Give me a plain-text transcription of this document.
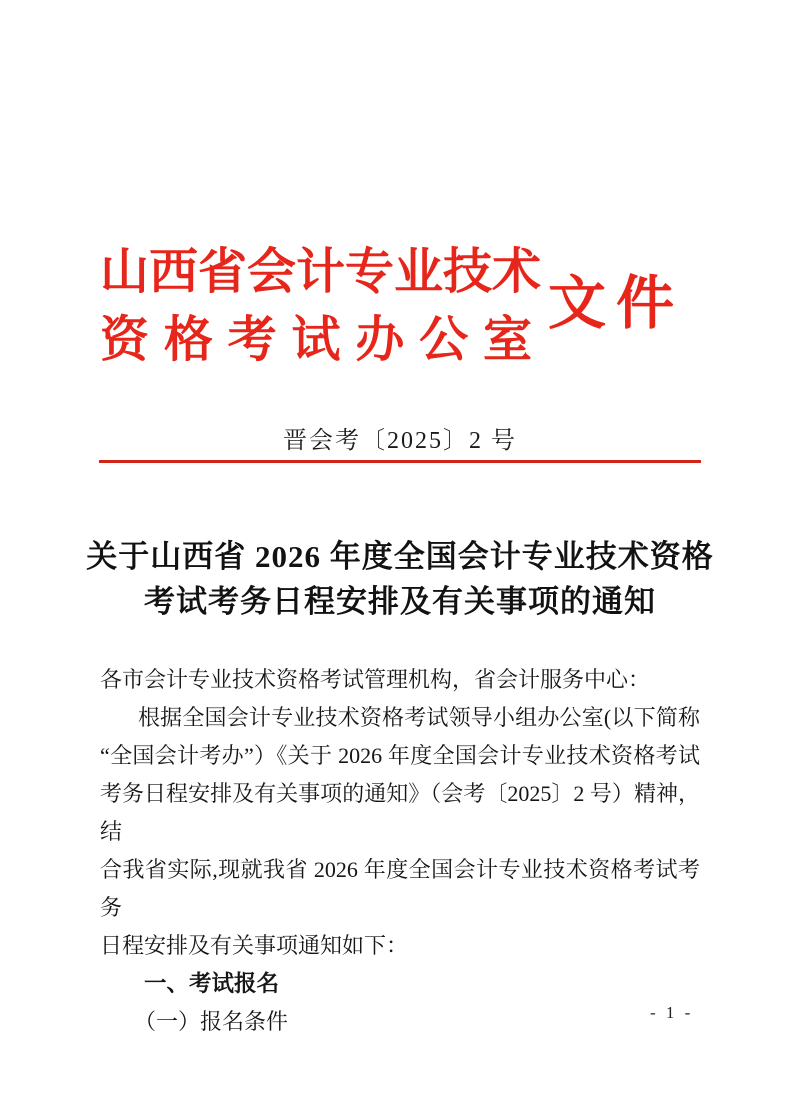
山西省会计专业技术
资格考试办公室
文件
晋会考〔2025〕2 号
关于山西省 2026 年度全国会计专业技术资格
考试考务日程安排及有关事项的通知

各市会计专业技术资格考试管理机构，省会计服务中心：

根据全国会计专业技术资格考试领导小组办公室(以下简称

“全国会计考办”）《关于 2026 年度全国会计专业技术资格考试

考务日程安排及有关事项的通知》（会考〔2025〕2 号）精神，结

合我省实际,现就我省 2026 年度全国会计专业技术资格考试考务

日程安排及有关事项通知如下：

一、考试报名

（一）报名条件	- 1 -
